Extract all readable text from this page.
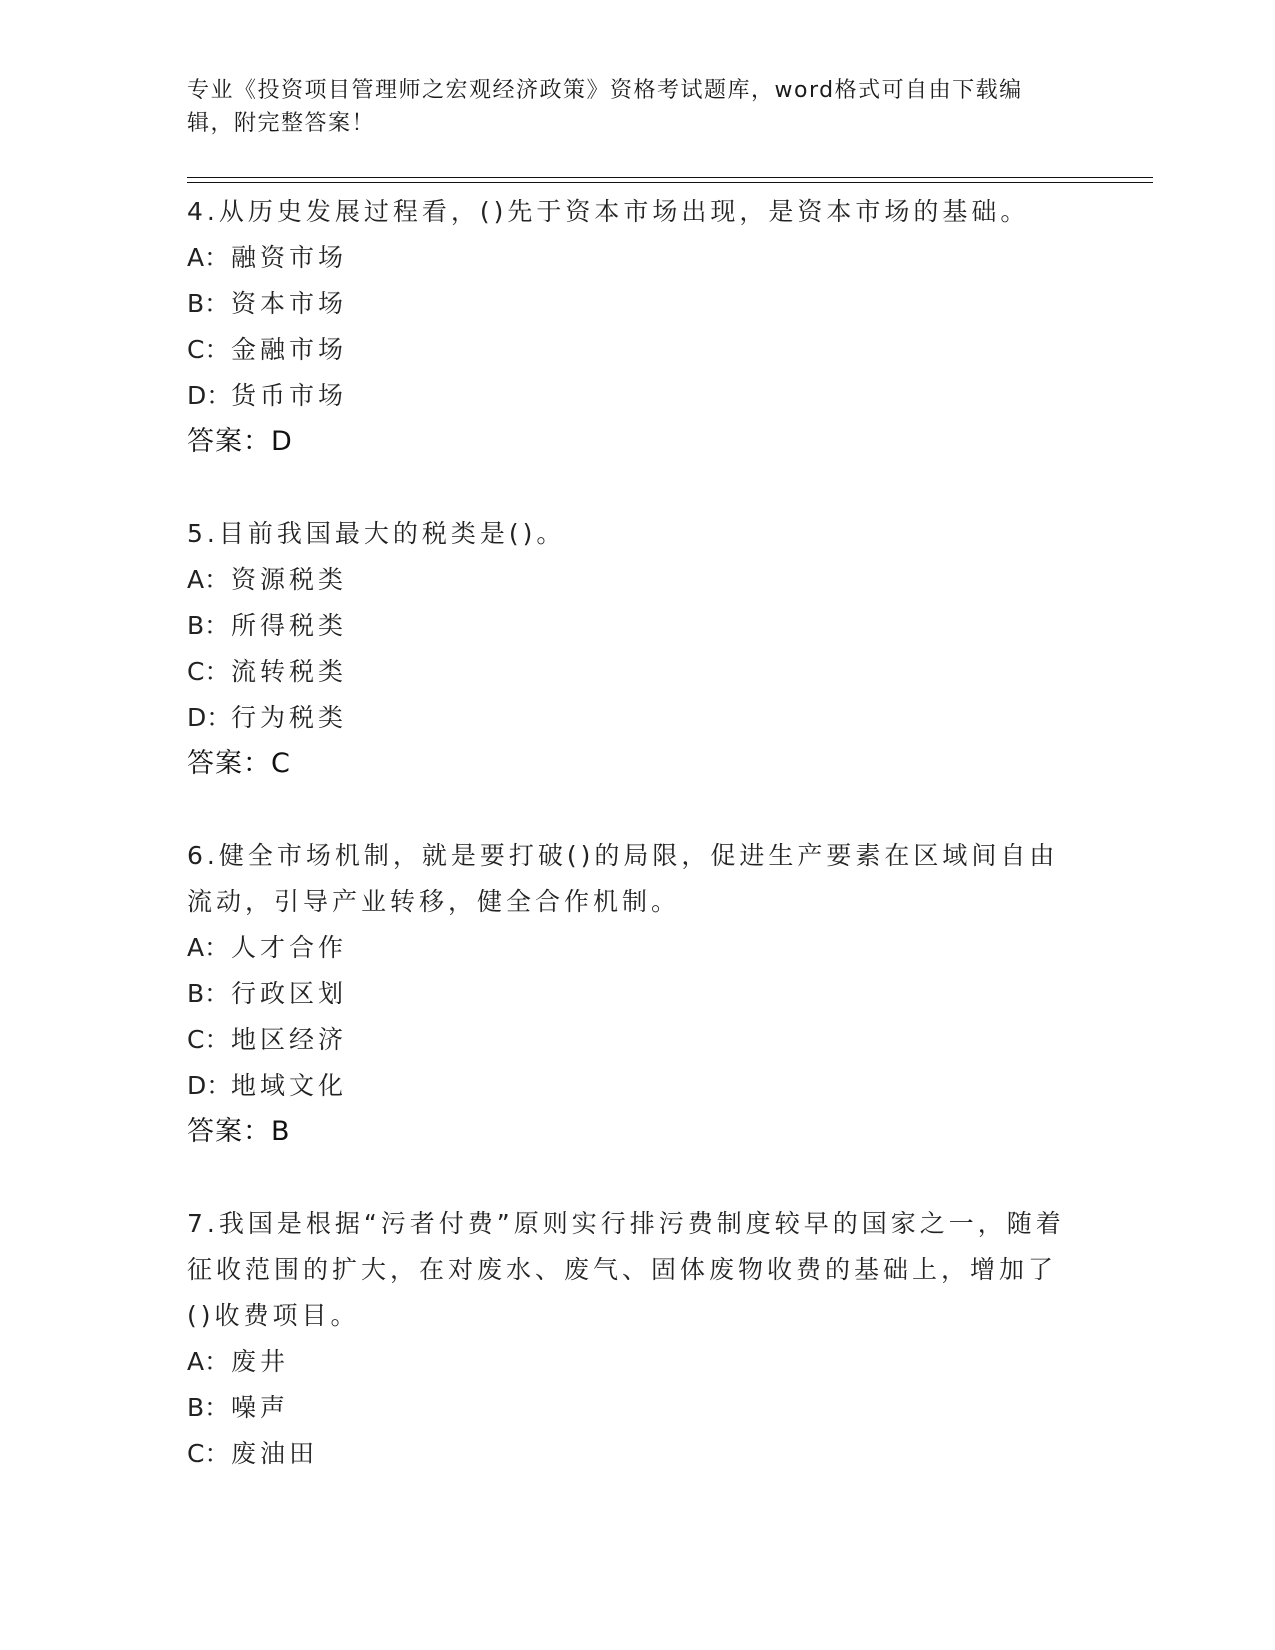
专业《投资项目管理师之宏观经济政策》资格考试题库，word格式可自由下载编辑，附完整答案！
4.从历史发展过程看，()先于资本市场出现，是资本市场的基础。
A：融资市场
B：资本市场
C：金融市场
D：货币市场
答案：D
5.目前我国最大的税类是()。
A：资源税类
B：所得税类
C：流转税类
D：行为税类
答案：C
6.健全市场机制，就是要打破()的局限，促进生产要素在区域间自由流动，引导产业转移，健全合作机制。
A：人才合作
B：行政区划
C：地区经济
D：地域文化
答案：B
7.我国是根据“污者付费”原则实行排污费制度较早的国家之一，随着征收范围的扩大，在对废水、废气、固体废物收费的基础上，增加了()收费项目。
A：废井
B：噪声
C：废油田
